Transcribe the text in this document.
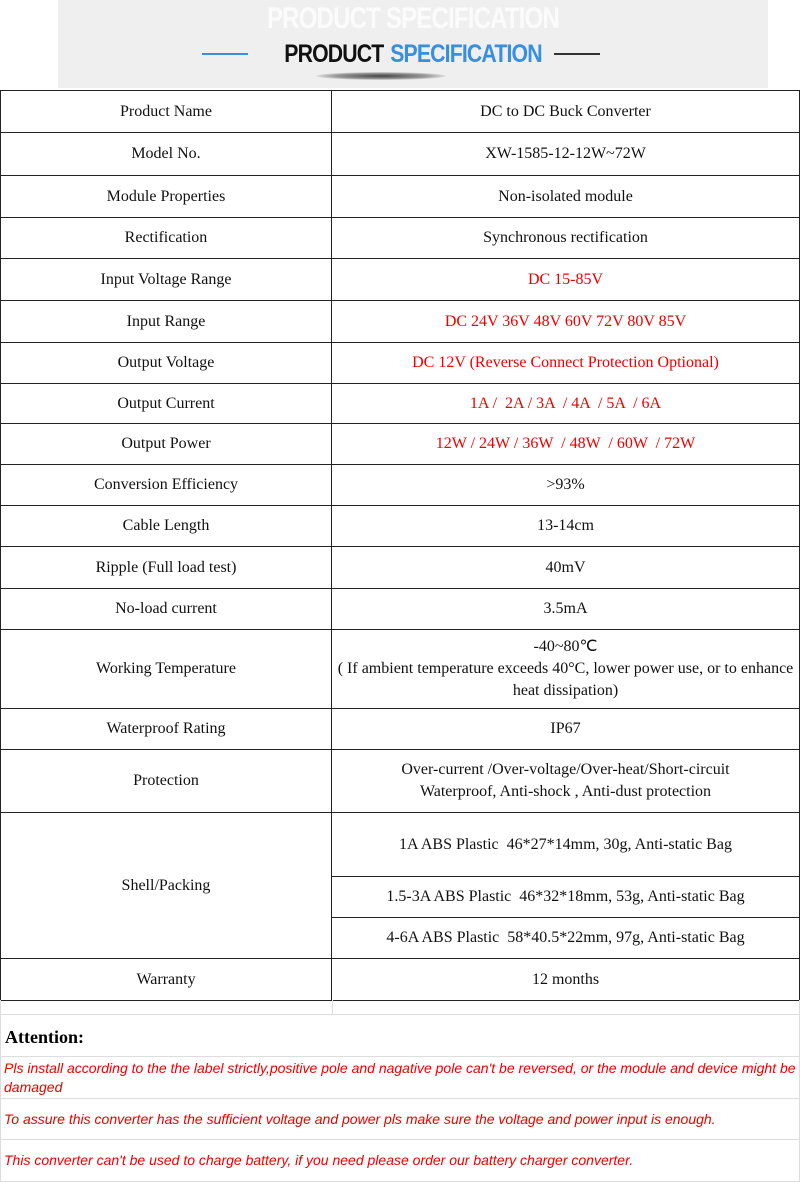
PRODUCT SPECIFICATION
PRODUCT SPECIFICATION
Product Name	DC to DC Buck Converter
Model No.	XW-1585-12-12W~72W
Module Properties	Non-isolated module
Rectification	Synchronous rectification
Input Voltage Range	DC 15-85V
Input Range	DC 24V 36V 48V 60V 72V 80V 85V
Output Voltage	DC 12V (Reverse Connect Protection Optional)
Output Current	1A /  2A / 3A  / 4A  / 5A  / 6A
Output Power	12W / 24W / 36W  / 48W  / 60W  / 72W
Conversion Efficiency	>93%
Cable Length	13-14cm
Ripple (Full load test)	40mV
No-load current	3.5mA
Working Temperature	-40~80℃
( If ambient temperature exceeds 40°C, lower power use, or to enhance heat dissipation)

Waterproof Rating	IP67
Protection	Over-current /Over-voltage/Over-heat/Short-circuit
Waterproof, Anti-shock , Anti-dust protection

Shell/Packing	1A ABS Plastic  46*27*14mm, 30g, Anti-static Bag
	1.5-3A ABS Plastic  46*32*18mm, 53g, Anti-static Bag
	4-6A ABS Plastic  58*40.5*22mm, 97g, Anti-static Bag
Warranty	12 months
Attention:
Pls install according to the the label strictly,positive pole and nagative pole can't be reversed, or the module and device might be damaged
To assure this converter has the sufficient voltage and power pls make sure the voltage and power input is enough.
This converter can't be used to charge battery, if you need please order our battery charger converter.
